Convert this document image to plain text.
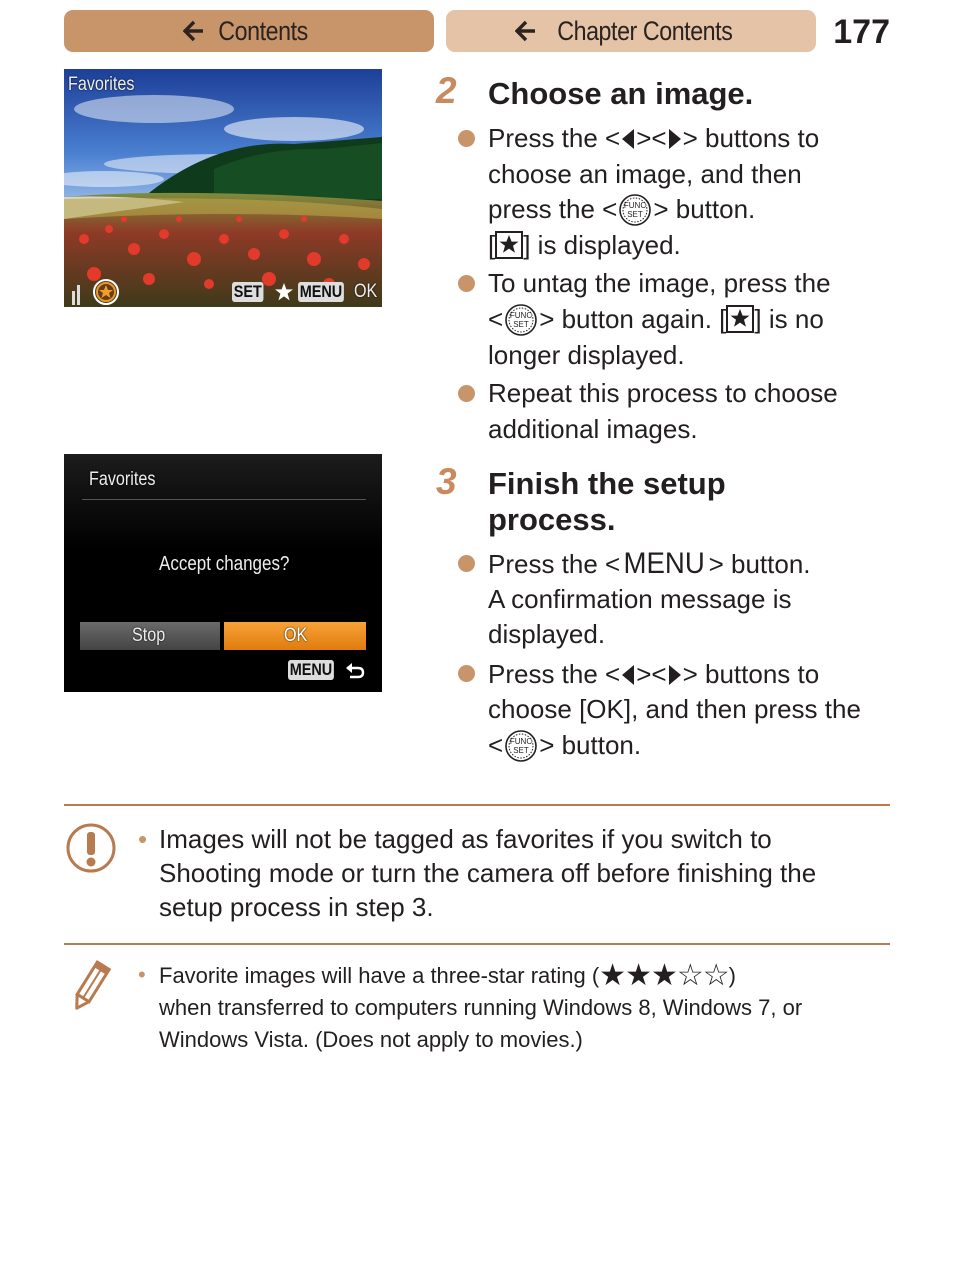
Contents	Chapter Contents	177
Favorites
SET MENU OK
Favorites
Accept changes?
Stop	OK
MENU
2 Choose an image.
Press the < >< > buttons to
choose an image, and then
press the < FUNC
SET > button.
[ ] is displayed.
To untag the image, press the
< FUNC
SET > button again. [ ] is no
longer displayed.
Repeat this process to choose
additional images.
3 Finish the setup
process.
Press the < MENU > button.
A confirmation message is
displayed.
Press the < >< > buttons to
choose [OK], and then press the
< FUNC
SET > button.
• Images will not be tagged as favorites if you switch to
Shooting mode or turn the camera off before finishing the
setup process in step 3.
• Favorite images will have a three-star rating (★★★☆☆)
when transferred to computers running Windows 8, Windows 7, or
Windows Vista. (Does not apply to movies.)
